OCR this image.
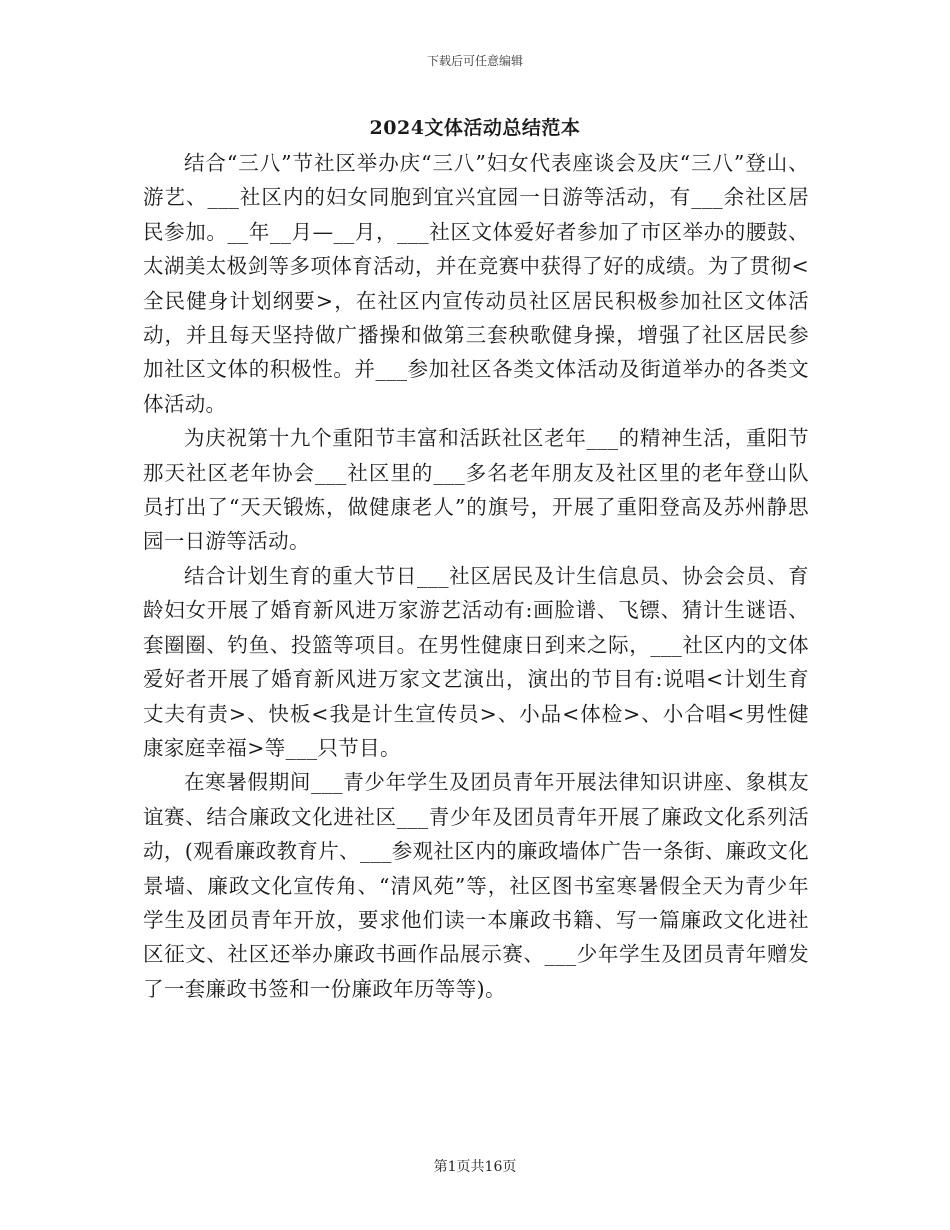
下载后可任意编辑
2024文体活动总结范本

结合“三八”节社区举办庆“三八”妇女代表座谈会及庆“三八”登山、游艺、___社区内的妇女同胞到宜兴宜园一日游等活动，有___余社区居民参加。__年__月—__月，___社区文体爱好者参加了市区举办的腰鼓、太湖美太极剑等多项体育活动，并在竞赛中获得了好的成绩。为了贯彻<全民健身计划纲要>，在社区内宣传动员社区居民积极参加社区文体活动，并且每天坚持做广播操和做第三套秧歌健身操，增强了社区居民参加社区文体的积极性。并___参加社区各类文体活动及街道举办的各类文体活动。

为庆祝第十九个重阳节丰富和活跃社区老年___的精神生活，重阳节那天社区老年协会___社区里的___多名老年朋友及社区里的老年登山队员打出了“天天锻炼，做健康老人”的旗号，开展了重阳登高及苏州静思园一日游等活动。

结合计划生育的重大节日___社区居民及计生信息员、协会会员、育龄妇女开展了婚育新风进万家游艺活动有:画脸谱、飞镖、猜计生谜语、套圈圈、钓鱼、投篮等项目。在男性健康日到来之际，___社区内的文体爱好者开展了婚育新风进万家文艺演出，演出的节目有:说唱<计划生育丈夫有责>、快板<我是计生宣传员>、小品<体检>、小合唱<男性健康家庭幸福>等___只节目。

在寒暑假期间___青少年学生及团员青年开展法律知识讲座、象棋友谊赛、结合廉政文化进社区___青少年及团员青年开展了廉政文化系列活动，(观看廉政教育片、___参观社区内的廉政墙体广告一条街、廉政文化景墙、廉政文化宣传角、“清风苑”等，社区图书室寒暑假全天为青少年学生及团员青年开放，要求他们读一本廉政书籍、写一篇廉政文化进社区征文、社区还举办廉政书画作品展示赛、___少年学生及团员青年赠发了一套廉政书签和一份廉政年历等等)。

第1页共16页
